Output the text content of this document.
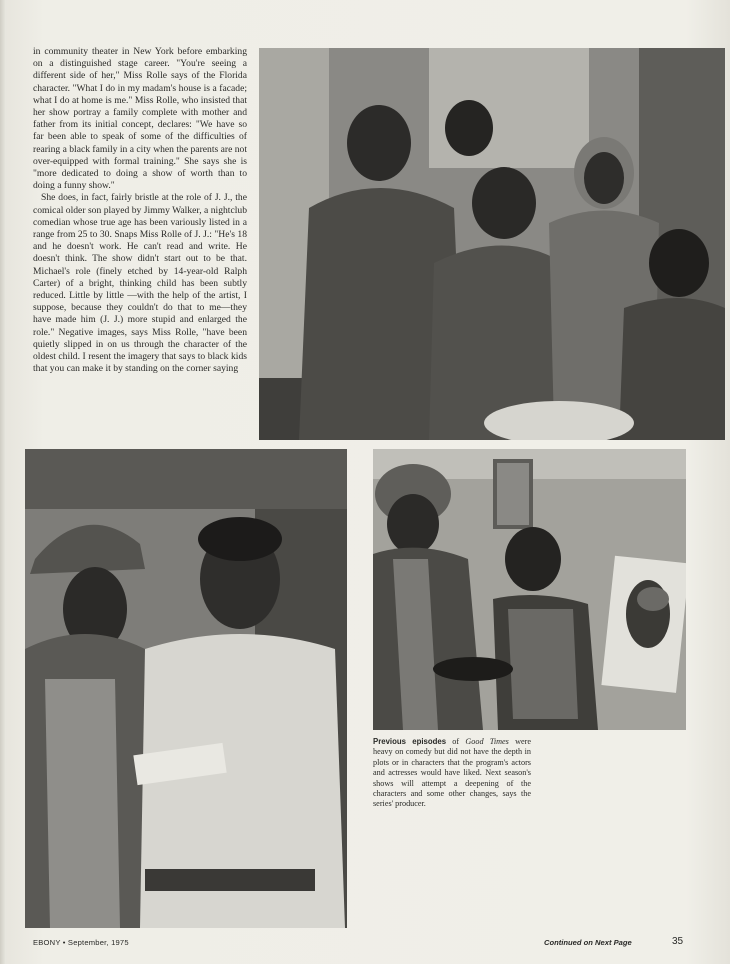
in community theater in New York before embarking on a distinguished stage career. "You're seeing a different side of her," Miss Rolle says of the Florida character. "What I do in my madam's house is a facade; what I do at home is me." Miss Rolle, who insisted that her show portray a family complete with mother and father from its initial concept, declares: "We have so far been able to speak of some of the difficulties of rearing a black family in a city when the parents are not over-equipped with formal training." She says she is "more dedicated to doing a show of worth than to doing a funny show."

She does, in fact, fairly bristle at the role of J. J., the comical older son played by Jimmy Walker, a nightclub comedian whose true age has been variously listed in a range from 25 to 30. Snaps Miss Rolle of J. J.: "He's 18 and he doesn't work. He can't read and write. He doesn't think. The show didn't start out to be that. Michael's role (finely etched by 14-year-old Ralph Carter) of a bright, thinking child has been subtly reduced. Little by little —with the help of the artist, I suppose, because they couldn't do that to me—they have made him (J. J.) more stupid and enlarged the role." Negative images, says Miss Rolle, "have been quietly slipped in on us through the character of the oldest child. I resent the imagery that says to black kids that you can make it by standing on the corner saying

Previous episodes of Good Times were heavy on comedy but did not have the depth in plots or in characters that the program's actors and actresses would have liked. Next season's shows will attempt a deepening of the characters and some other changes, says the series' producer.
EBONY • September, 1975	Continued on Next Page	35
